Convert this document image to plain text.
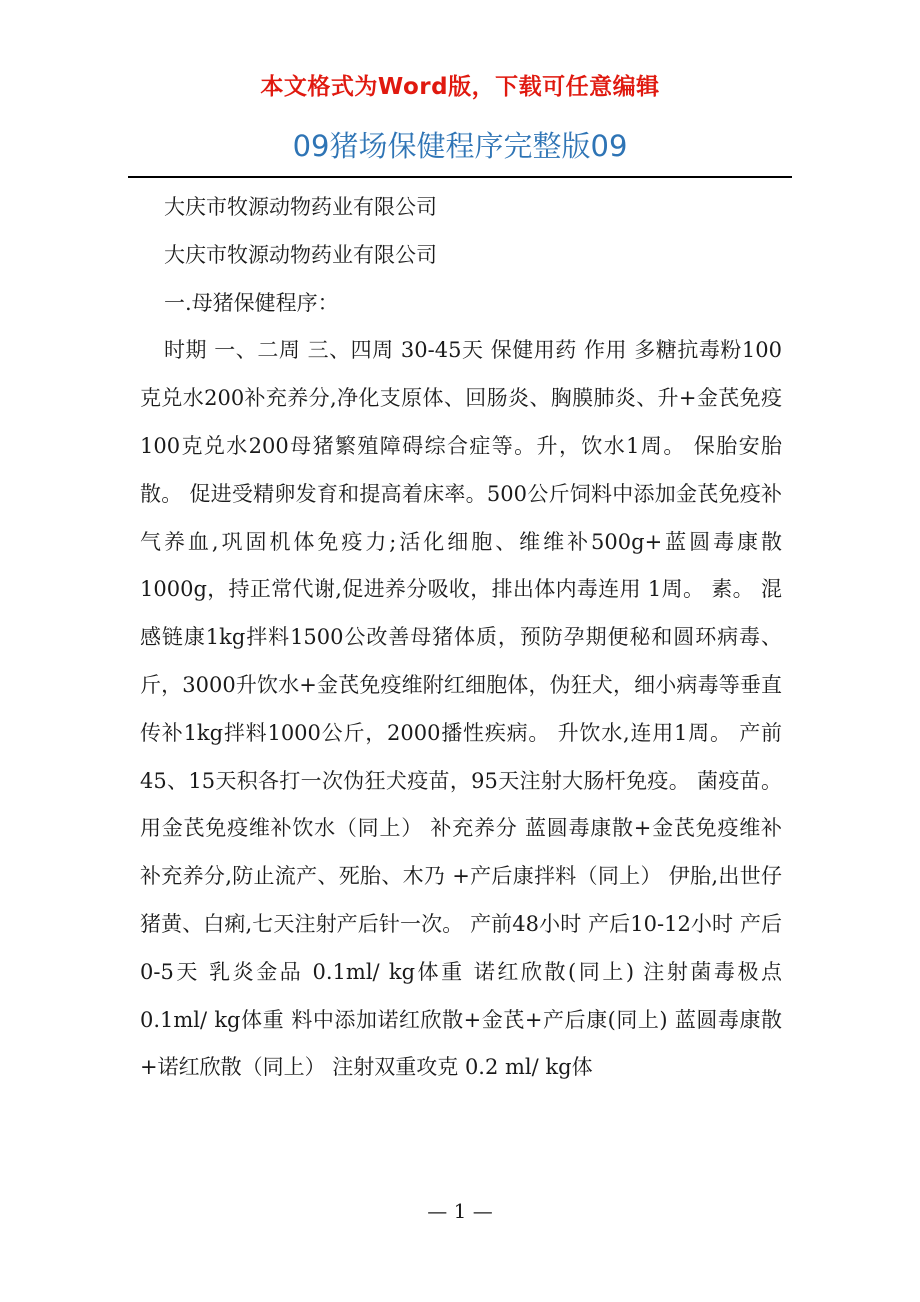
本文格式为Word版，下载可任意编辑
09猪场保健程序完整版09

大庆市牧源动物药业有限公司

大庆市牧源动物药业有限公司

一.母猪保健程序：

时期 一、二周 三、四周 30-45天 保健用药 作用 多糖抗毒粉100克兑水200补充养分,净化支原体、回肠炎、胸膜肺炎、升+金芪免疫100克兑水200母猪繁殖障碍综合症等。升，饮水1周。 保胎安胎散。 促进受精卵发育和提高着床率。500公斤饲料中添加金芪免疫补气养血,巩固机体免疫力;活化细胞、维维补500g+蓝圆毒康散1000g，持正常代谢,促进养分吸收，排出体内毒连用 1周。 素。 混感链康1kg拌料1500公改善母猪体质，预防孕期便秘和圆环病毒、斤，3000升饮水+金芪免疫维附红细胞体，伪狂犬，细小病毒等垂直传补1kg拌料1000公斤，2000播性疾病。 升饮水,连用1周。 产前45、15天积各打一次伪狂犬疫苗，95天注射大肠杆免疫。 菌疫苗。 用金芪免疫维补饮水（同上） 补充养分 蓝圆毒康散+金芪免疫维补 补充养分,防止流产、死胎、木乃 +产后康拌料（同上） 伊胎,出世仔猪黄、白痢,七天注射产后针一次。 产前48小时 产后10-12小时 产后0-5天 乳炎金品 0.1ml/ kg体重 诺红欣散(同上) 注射菌毒极点 0.1ml/ kg体重 料中添加诺红欣散+金芪+产后康(同上) 蓝圆毒康散+诺红欣散（同上） 注射双重攻克 0.2 ml/ kg体

— 1 —
